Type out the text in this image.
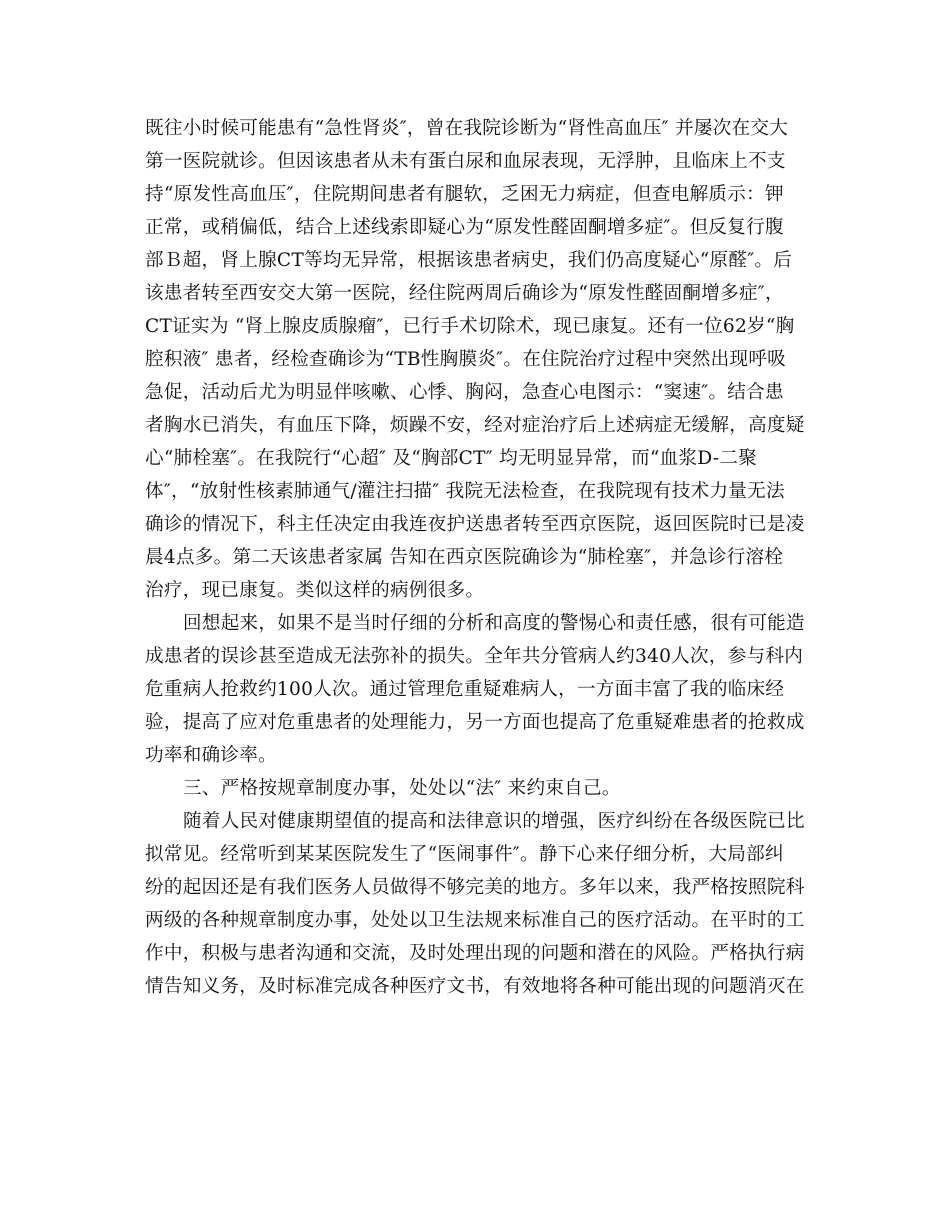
既往小时候可能患有“急性肾炎″，曾在我院诊断为“肾性高血压″ 并屡次在交大
第一医院就诊。但因该患者从未有蛋白尿和血尿表现，无浮肿，且临床上不支
持“原发性高血压″，住院期间患者有腿软，乏困无力病症，但查电解质示：钾
正常，或稍偏低，结合上述线索即疑心为“原发性醛固酮增多症″。但反复行腹
部Ｂ超，肾上腺CT等均无异常，根据该患者病史，我们仍高度疑心“原醛″。后
该患者转至西安交大第一医院，经住院两周后确诊为“原发性醛固酮增多症″，
CT证实为 “肾上腺皮质腺瘤″，已行手术切除术，现已康复。还有一位62岁“胸
腔积液″ 患者，经检查确诊为“TB性胸膜炎″。在住院治疗过程中突然出现呼吸
急促，活动后尤为明显伴咳嗽、心悸、胸闷，急查心电图示：“窦速″。结合患
者胸水已消失，有血压下降，烦躁不安，经对症治疗后上述病症无缓解，高度疑
心“肺栓塞″。在我院行“心超″ 及“胸部CT″ 均无明显异常，而“血浆D-二聚
体″，“放射性核素肺通气/灌注扫描″ 我院无法检查，在我院现有技术力量无法
确诊的情况下，科主任决定由我连夜护送患者转至西京医院，返回医院时已是凌
晨4点多。第二天该患者家属 告知在西京医院确诊为“肺栓塞″，并急诊行溶栓
治疗，现已康复。类似这样的病例很多。
回想起来，如果不是当时仔细的分析和高度的警惕心和责任感，很有可能造
成患者的误诊甚至造成无法弥补的损失。全年共分管病人约340人次，参与科内
危重病人抢救约100人次。通过管理危重疑难病人，一方面丰富了我的临床经
验，提高了应对危重患者的处理能力，另一方面也提高了危重疑难患者的抢救成
功率和确诊率。
三、严格按规章制度办事，处处以“法″ 来约束自己。
随着人民对健康期望值的提高和法律意识的增强，医疗纠纷在各级医院已比
拟常见。经常听到某某医院发生了“医闹事件″。静下心来仔细分析，大局部纠
纷的起因还是有我们医务人员做得不够完美的地方。多年以来，我严格按照院科
两级的各种规章制度办事，处处以卫生法规来标准自己的医疗活动。在平时的工
作中，积极与患者沟通和交流，及时处理出现的问题和潜在的风险。严格执行病
情告知义务，及时标准完成各种医疗文书，有效地将各种可能出现的问题消灭在
